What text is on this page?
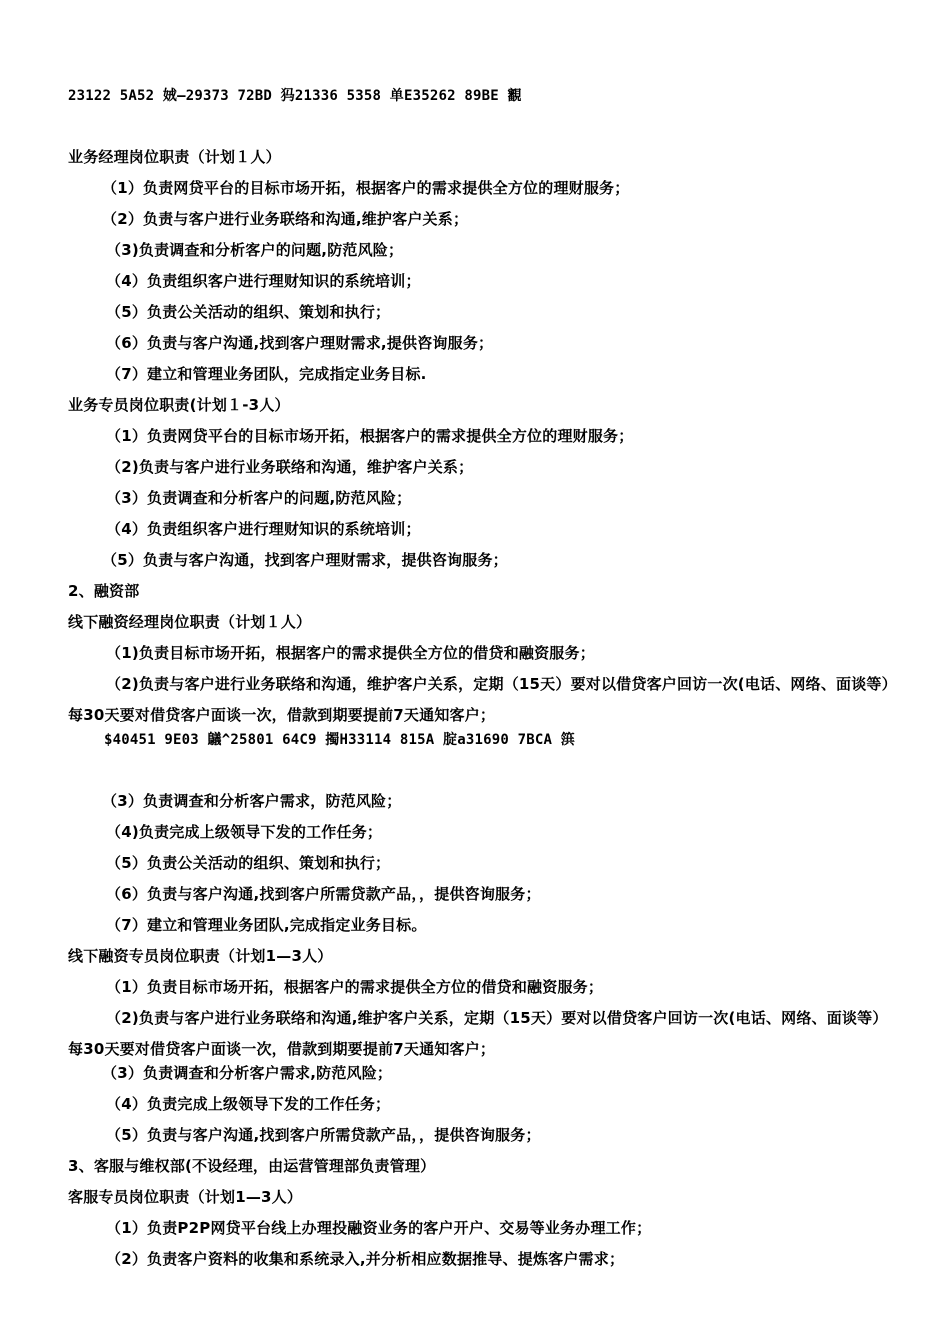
23122 5A52 娀—29373 72BD 犸21336 5358 单E35262 89BE 覾
业务经理岗位职责（计划１人）
（1）负责网贷平台的目标市场开拓，根据客户的需求提供全方位的理财服务；
（2）负责与客户进行业务联络和沟通,维护客户关系；
（3)负责调查和分析客户的问题,防范风险；
（4）负责组织客户进行理财知识的系统培训；
（5）负责公关活动的组织、策划和执行；
（6）负责与客户沟通,找到客户理财需求,提供咨询服务；
（7）建立和管理业务团队，完成指定业务目标.
业务专员岗位职责(计划１-3人）
（1）负责网贷平台的目标市场开拓，根据客户的需求提供全方位的理财服务；
（2)负责与客户进行业务联络和沟通，维护客户关系；
（3）负责调查和分析客户的问题,防范风险；
（4）负责组织客户进行理财知识的系统培训；
（5）负责与客户沟通，找到客户理财需求，提供咨询服务；
2、融资部
线下融资经理岗位职责（计划１人）
（1)负责目标市场开拓，根据客户的需求提供全方位的借贷和融资服务；
（2)负责与客户进行业务联络和沟通，维护客户关系，定期（15天）要对以借贷客户回访一次(电话、网络、面谈等）每30天要对借贷客户面谈一次，借款到期要提前7天通知客户；
$40451 9E03 鸃^25801 64C9 擉H33114 815A 腚a31690 7BCA 篊
（3）负责调查和分析客户需求，防范风险；
（4)负责完成上级领导下发的工作任务；
（5）负责公关活动的组织、策划和执行；
（6）负责与客户沟通,找到客户所需贷款产品，，提供咨询服务；
（7）建立和管理业务团队,完成指定业务目标。
线下融资专员岗位职责（计划1—3人）
（1）负责目标市场开拓，根据客户的需求提供全方位的借贷和融资服务；
（2)负责与客户进行业务联络和沟通,维护客户关系，定期（15天）要对以借贷客户回访一次(电话、网络、面谈等）每30天要对借贷客户面谈一次，借款到期要提前7天通知客户；
（3）负责调查和分析客户需求,防范风险；
（4）负责完成上级领导下发的工作任务；
（5）负责与客户沟通,找到客户所需贷款产品，，提供咨询服务；
3、客服与维权部(不设经理，由运营管理部负责管理）
客服专员岗位职责（计划1—3人）
（1）负责P2P网贷平台线上办理投融资业务的客户开户、交易等业务办理工作；
（2）负责客户资料的收集和系统录入,并分析相应数据推导、提炼客户需求；
